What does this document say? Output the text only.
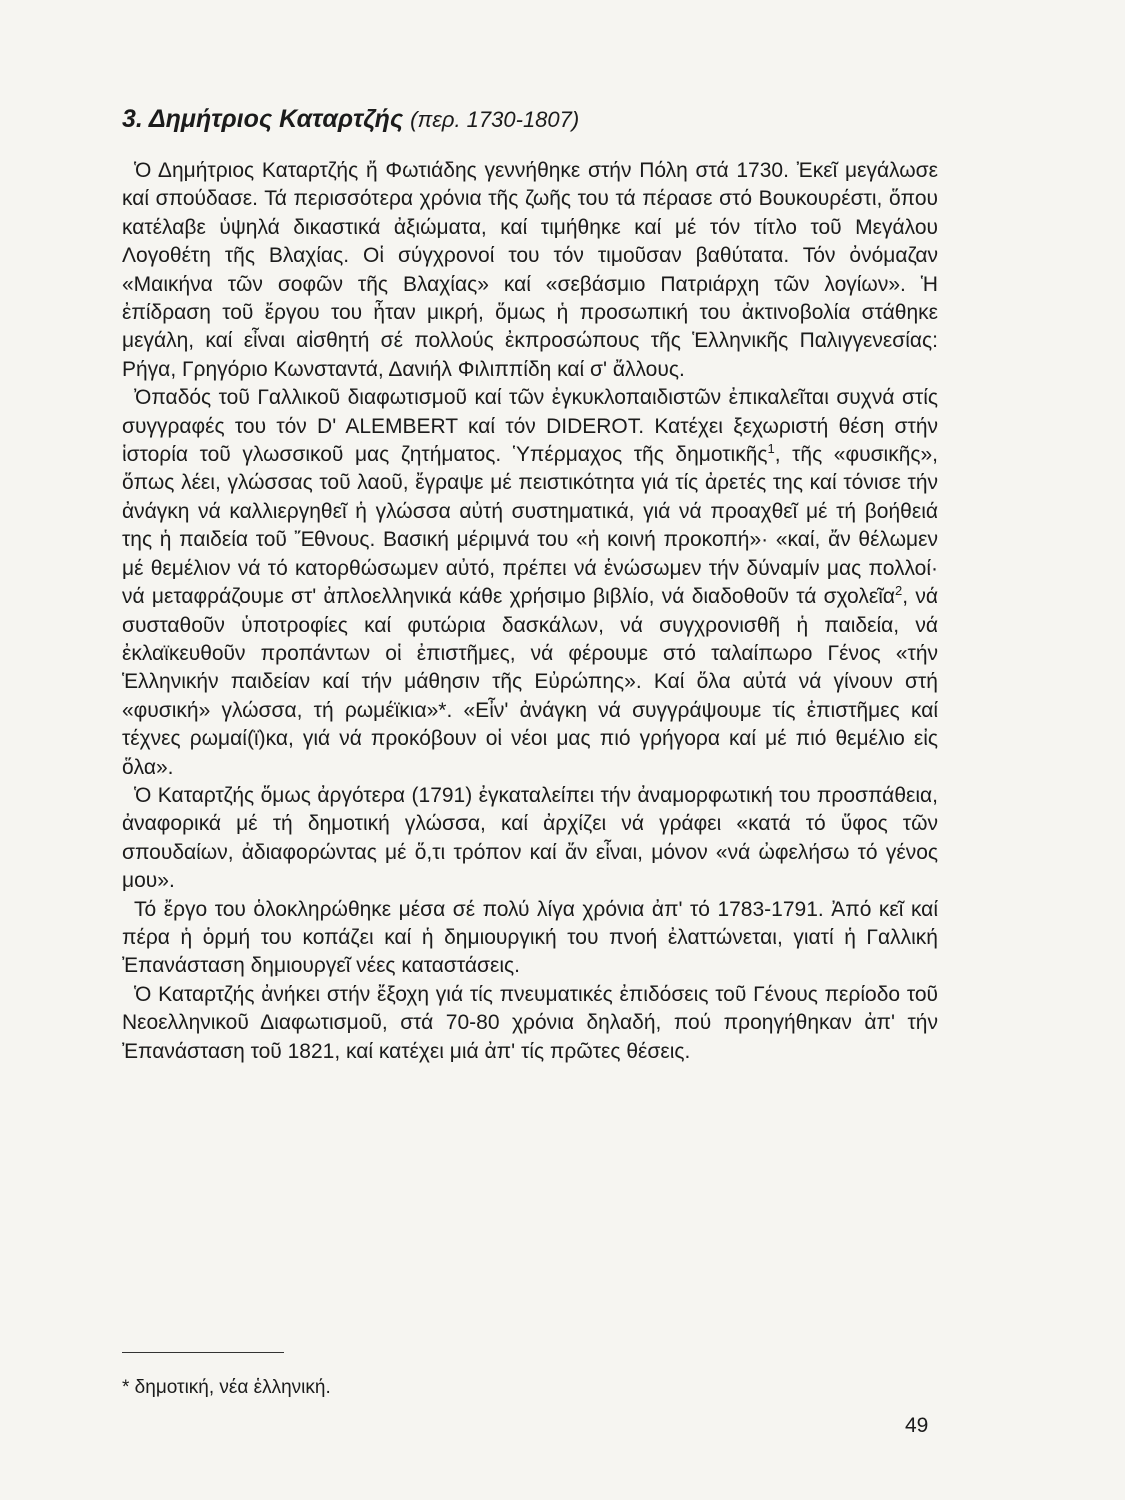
3. Δημήτριος Καταρτζής (περ. 1730-1807)

Ὁ Δημήτριος Καταρτζής ἤ Φωτιάδης γεννήθηκε στήν Πόλη στά 1730. Ἐκεῖ μεγάλωσε καί σπούδασε. Τά περισσότερα χρόνια τῆς ζωῆς του τά πέρασε στό Βουκουρέστι, ὅπου κατέλαβε ὑψηλά δικαστικά ἀξιώματα, καί τιμήθηκε καί μέ τόν τίτλο τοῦ Μεγάλου Λογοθέτη τῆς Βλαχίας. Οἱ σύγχρονοί του τόν τιμοῦσαν βαθύτατα. Τόν ὀνόμαζαν «Μαικήνα τῶν σοφῶν τῆς Βλαχίας» καί «σεβάσμιο Πατριάρχη τῶν λογίων». Ἡ ἐπίδραση τοῦ ἔργου του ἦταν μικρή, ὅμως ἡ προσωπική του ἀκτινοβολία στάθηκε μεγάλη, καί εἶναι αἰσθητή σέ πολλούς ἐκπροσώπους τῆς Ἑλληνικῆς Παλιγγενεσίας: Ρήγα, Γρηγόριο Κωνσταντά, Δανιήλ Φιλιππίδη καί σ' ἄλλους.

Ὀπαδός τοῦ Γαλλικοῦ διαφωτισμοῦ καί τῶν ἐγκυκλοπαιδιστῶν ἐπικαλεῖται συχνά στίς συγγραφές του τόν D' ALEMBERT καί τόν DIDEROT. Κατέχει ξεχωριστή θέση στήν ἱστορία τοῦ γλωσσικοῦ μας ζητήματος. Ὑπέρμαχος τῆς δημοτικῆς$^1$, τῆς «φυσικῆς», ὅπως λέει, γλώσσας τοῦ λαοῦ, ἔγραψε μέ πειστικότητα γιά τίς ἀρετές της καί τόνισε τήν ἀνάγκη νά καλλιεργηθεῖ ἡ γλώσσα αὐτή συστηματικά, γιά νά προαχθεῖ μέ τή βοήθειά της ἡ παιδεία τοῦ Ἔθνους. Βασική μέριμνά του «ἡ κοινή προκοπή»· «καί, ἄν θέλωμεν μέ θεμέλιον νά τό κατορθώσωμεν αὐτό, πρέπει νά ἑνώσωμεν τήν δύναμίν μας πολλοί· νά μεταφράζουμε στ' ἀπλοελληνικά κάθε χρήσιμο βιβλίο, νά διαδοθοῦν τά σχολεῖα$^2$, νά συσταθοῦν ὑποτροφίες καί φυτώρια δασκάλων, νά συγχρονισθῆ ἡ παιδεία, νά ἐκλαϊκευθοῦν προπάντων οἱ ἐπιστῆμες, νά φέρουμε στό ταλαίπωρο Γένος «τήν Ἑλληνικήν παιδείαν καί τήν μάθησιν τῆς Εὐρώπης». Καί ὅλα αὐτά νά γίνουν στή «φυσική» γλώσσα, τή ρωμέϊκια»*. «Εἶν' ἀνάγκη νά συγγράψουμε τίς ἐπιστῆμες καί τέχνες ρωμαί(ϊ)κα, γιά νά προκόβουν οἱ νέοι μας πιό γρήγορα καί μέ πιό θεμέλιο εἰς ὅλα».

Ὁ Καταρτζής ὅμως ἀργότερα (1791) ἐγκαταλείπει τήν ἀναμορφωτική του προσπάθεια, ἀναφορικά μέ τή δημοτική γλώσσα, καί ἀρχίζει νά γράφει «κατά τό ὕφος τῶν σπουδαίων, ἀδιαφορώντας μέ ὅ,τι τρόπον καί ἄν εἶναι, μόνον «νά ὠφελήσω τό γένος μου».

Τό ἔργο του ὁλοκληρώθηκε μέσα σέ πολύ λίγα χρόνια ἀπ' τό 1783-1791. Ἀπό κεῖ καί πέρα ἡ ὁρμή του κοπάζει καί ἡ δημιουργική του πνοή ἐλαττώνεται, γιατί ἡ Γαλλική Ἐπανάσταση δημιουργεῖ νέες καταστάσεις.

Ὁ Καταρτζής ἀνήκει στήν ἔξοχη γιά τίς πνευματικές ἐπιδόσεις τοῦ Γένους περίοδο τοῦ Νεοελληνικοῦ Διαφωτισμοῦ, στά 70-80 χρόνια δηλαδή, πού προηγήθηκαν ἀπ' τήν Ἐπανάσταση τοῦ 1821, καί κατέχει μιά ἀπ' τίς πρῶτες θέσεις.

* δημοτική, νέα ἑλληνική.
49
